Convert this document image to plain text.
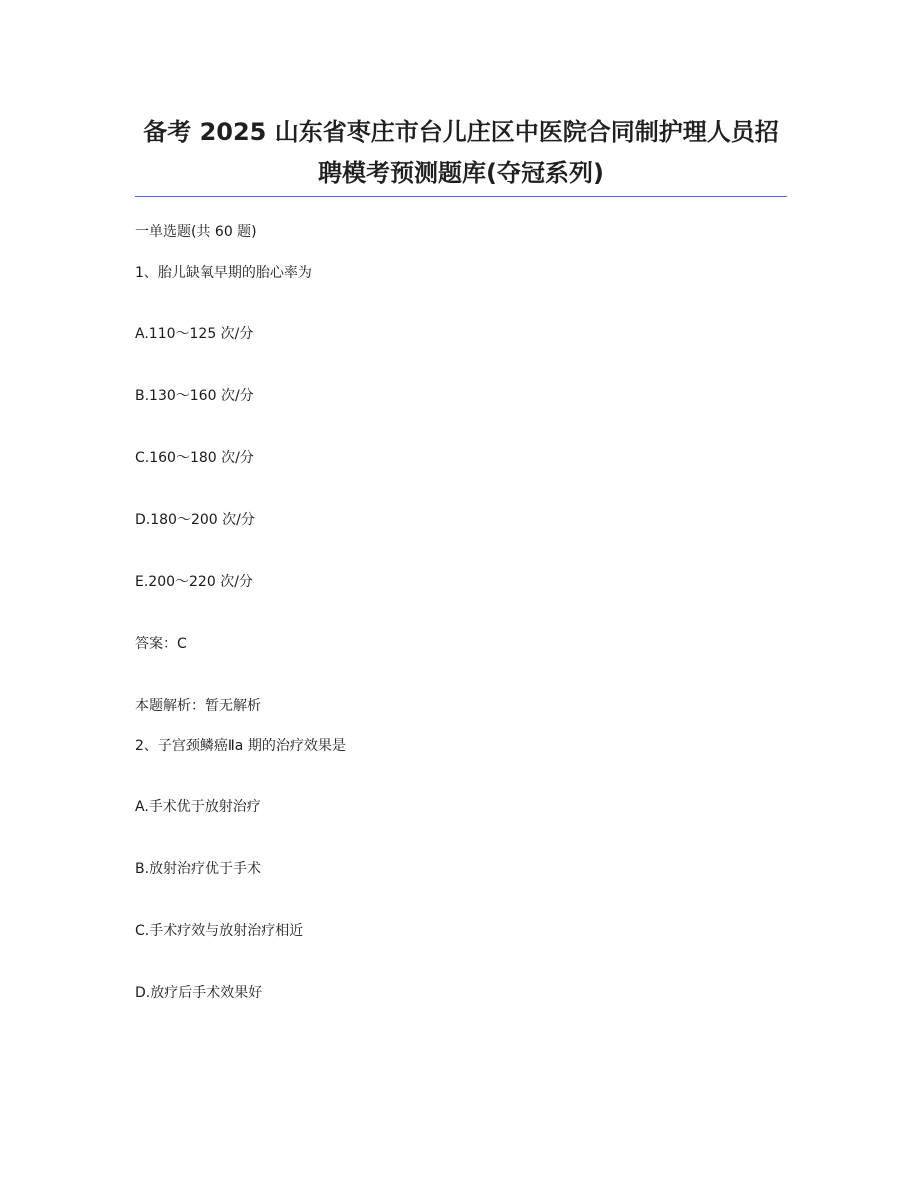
备考 2025 山东省枣庄市台儿庄区中医院合同制护理人员招
聘模考预测题库(夺冠系列)
一单选题(共 60 题)
1、胎儿缺氧早期的胎心率为
A.110～125 次/分
B.130～160 次/分
C.160～180 次/分
D.180～200 次/分
E.200～220 次/分
答案：C
本题解析：暂无解析
2、子宫颈鳞癌Ⅱa 期的治疗效果是
A.手术优于放射治疗
B.放射治疗优于手术
C.手术疗效与放射治疗相近
D.放疗后手术效果好
